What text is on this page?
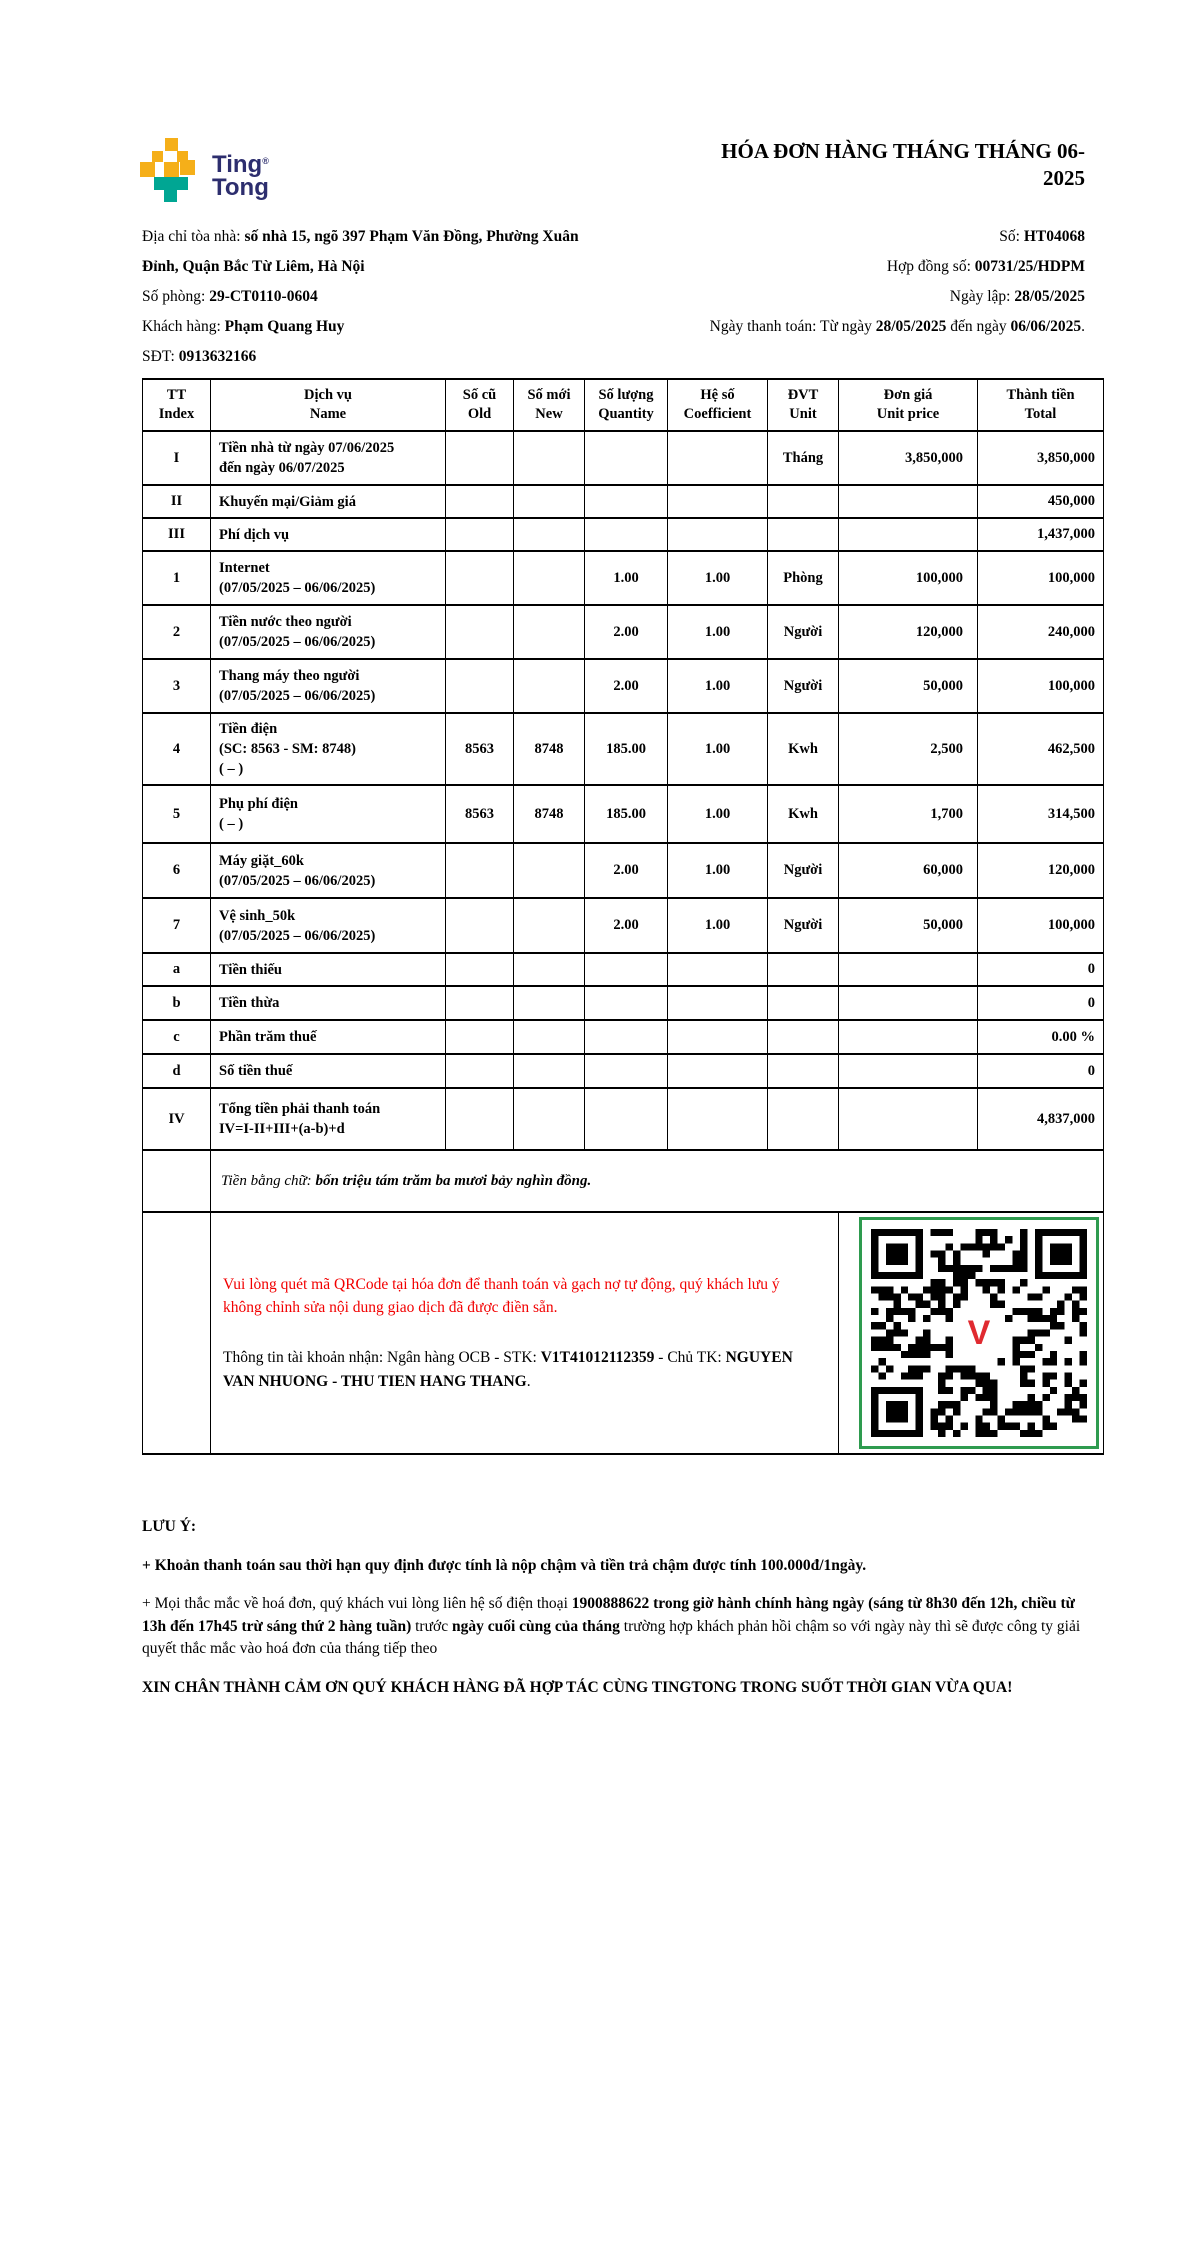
Ting®
Tong
HÓA ĐƠN HÀNG THÁNG THÁNG 06-
2025

Địa chỉ tòa nhà: số nhà 15, ngõ 397 Phạm Văn Đồng, Phường Xuân Đỉnh, Quận Bắc Từ Liêm, Hà Nội

Số phòng: 29-CT0110-0604

Khách hàng: Phạm Quang Huy

SĐT: 0913632166

Số: HT04068

Hợp đồng số: 00731/25/HDPM

Ngày lập: 28/05/2025

Ngày thanh toán: Từ ngày 28/05/2025 đến ngày 06/06/2025.

TT
Index

Dịch vụ
Name

Số cũ
Old

Số mới
New

Số lượng
Quantity

Hệ số
Coefficient

ĐVT
Unit

Đơn giá
Unit price

Thành tiền
Total

I	Tiền nhà từ ngày 07/06/2025
đến ngày 06/07/2025					Tháng	3,850,000	3,850,000
II	Khuyến mại/Giảm giá							450,000
III	Phí dịch vụ							1,437,000
1	Internet
(07/05/2025 – 06/06/2025)			1.00	1.00	Phòng	100,000	100,000
2	Tiền nước theo người
(07/05/2025 – 06/06/2025)			2.00	1.00	Người	120,000	240,000
3	Thang máy theo người
(07/05/2025 – 06/06/2025)			2.00	1.00	Người	50,000	100,000
4	Tiền điện
(SC: 8563 - SM: 8748)
( – )	8563	8748	185.00	1.00	Kwh	2,500	462,500
5	Phụ phí điện
( – )	8563	8748	185.00	1.00	Kwh	1,700	314,500
6	Máy giặt_60k
(07/05/2025 – 06/06/2025)			2.00	1.00	Người	60,000	120,000
7	Vệ sinh_50k
(07/05/2025 – 06/06/2025)			2.00	1.00	Người	50,000	100,000
a	Tiền thiếu							0
b	Tiền thừa							0
c	Phần trăm thuế							0.00 %
d	Số tiền thuế							0
IV	Tổng tiền phải thanh toán
IV=I-II+III+(a-b)+d							4,837,000
	Tiền bằng chữ: bốn triệu tám trăm ba mươi bảy nghìn đồng.							

	Vui lòng quét mã QRCode tại hóa đơn để thanh toán và gạch nợ tự động, quý khách lưu ý không chỉnh sửa nội dung giao dịch đã được điền sẵn.

Thông tin tài khoản nhận: Ngân hàng OCB - STK: V1T41012112359 - Chủ TK: NGUYEN VAN NHUONG - THU TIEN HANG THANG.						V	

LƯU Ý:

+ Khoản thanh toán sau thời hạn quy định được tính là nộp chậm và tiền trả chậm được tính 100.000đ/1ngày.

+ Mọi thắc mắc về hoá đơn, quý khách vui lòng liên hệ số điện thoại 1900888622 trong giờ hành chính hàng ngày (sáng từ 8h30 đến 12h, chiều từ 13h đến 17h45 trừ sáng thứ 2 hàng tuần) trước ngày cuối cùng của tháng trường hợp khách phản hồi chậm so với ngày này thì sẽ được công ty giải quyết thắc mắc vào hoá đơn của tháng tiếp theo

XIN CHÂN THÀNH CẢM ƠN QUÝ KHÁCH HÀNG ĐÃ HỢP TÁC CÙNG TINGTONG TRONG SUỐT THỜI GIAN VỪA QUA!
